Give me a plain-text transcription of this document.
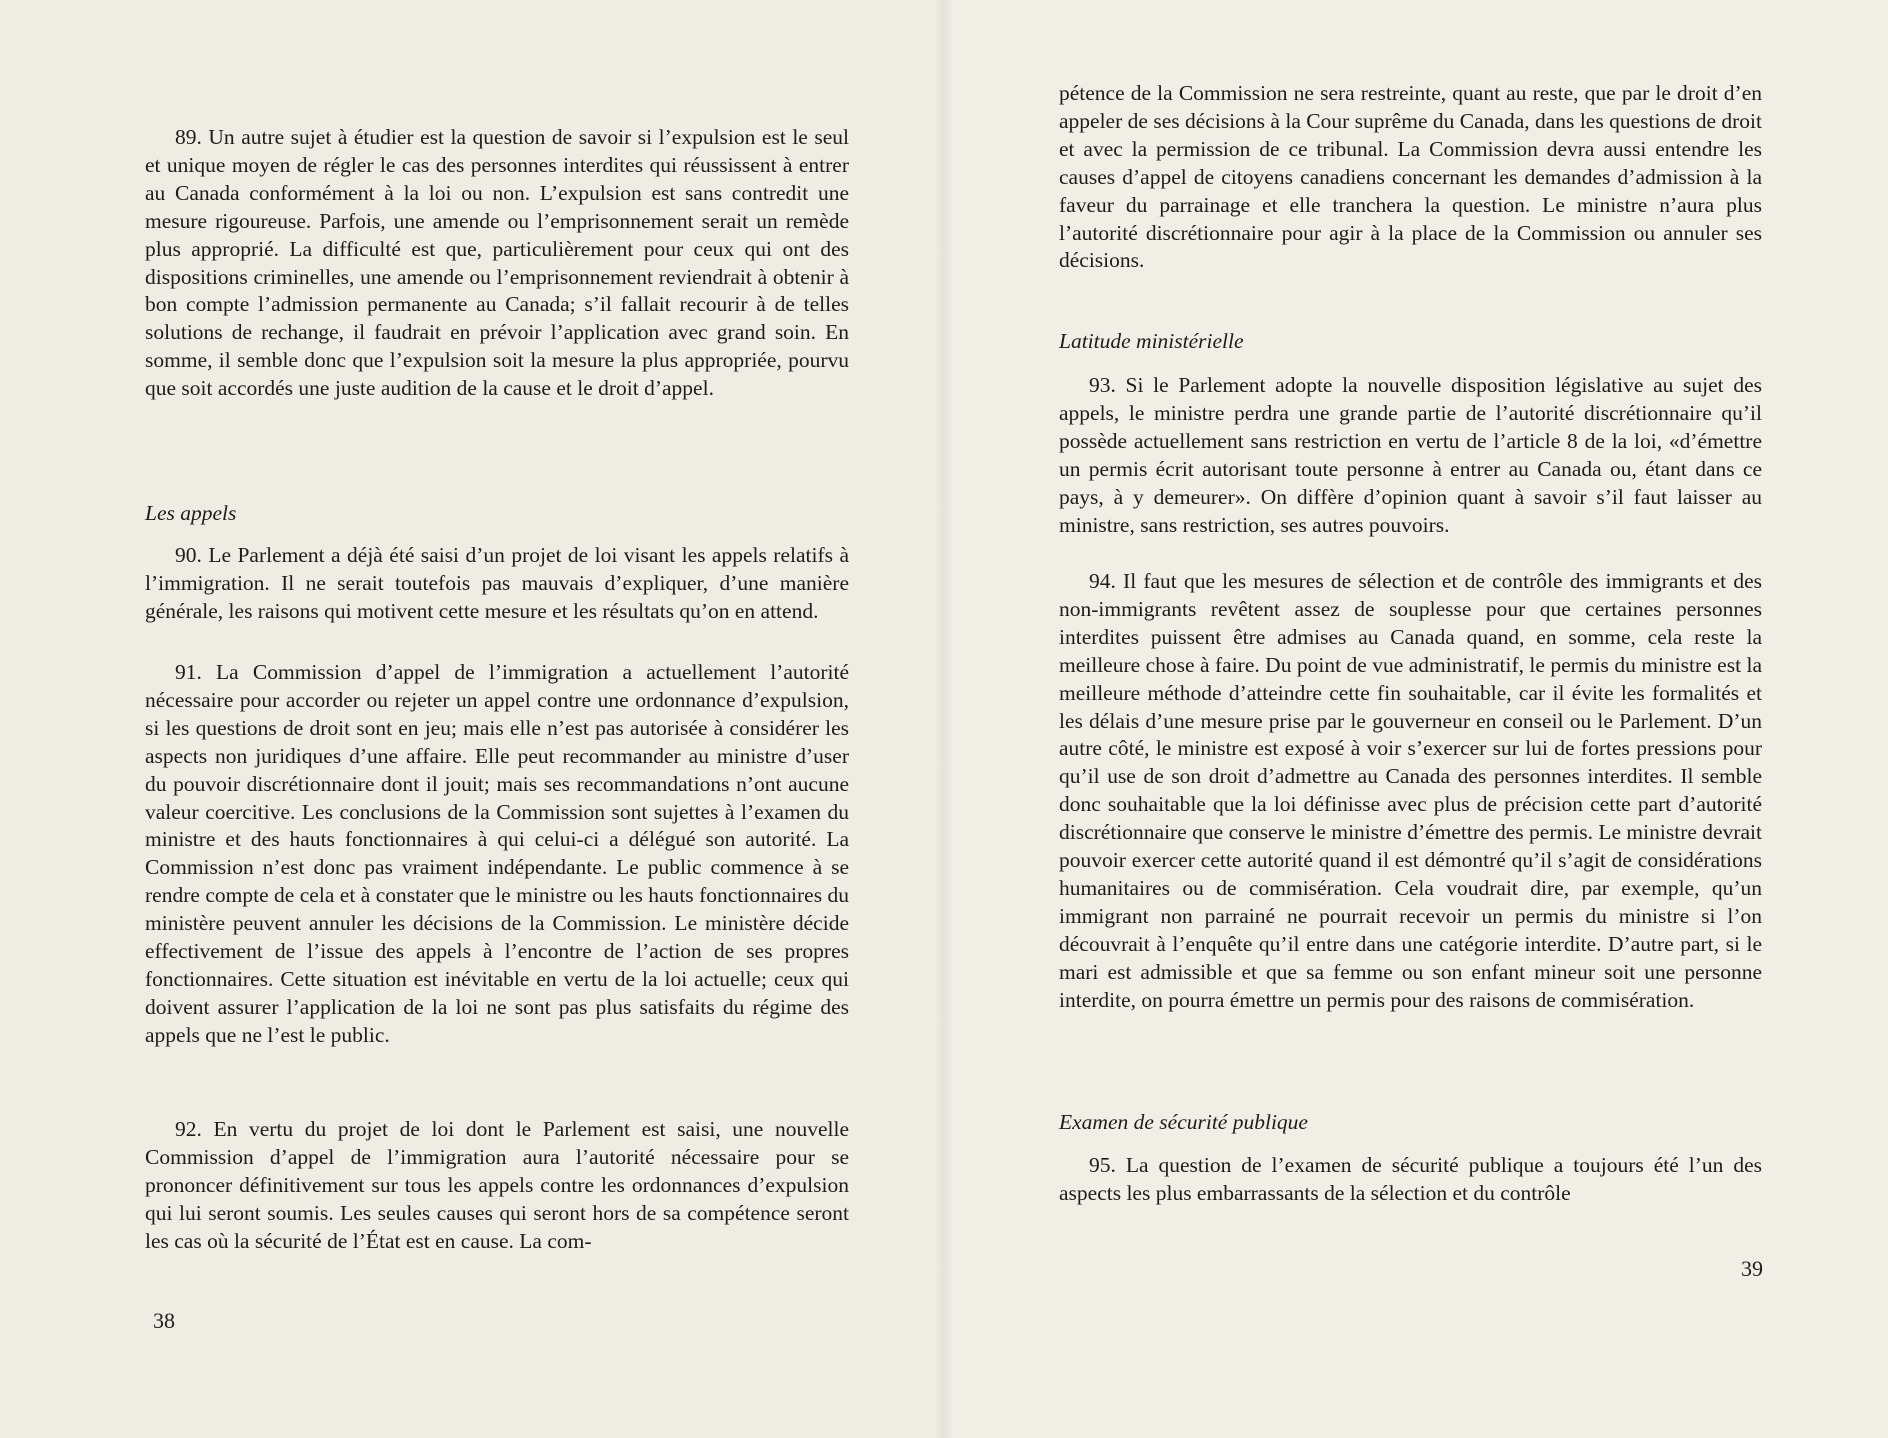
89. Un autre sujet à étudier est la question de savoir si l’expulsion est le seul et unique moyen de régler le cas des personnes interdites qui réussissent à entrer au Canada conformément à la loi ou non. L’expulsion est sans contredit une mesure rigoureuse. Parfois, une amende ou l’emprisonnement serait un remède plus approprié. La difficulté est que, particulièrement pour ceux qui ont des dispositions criminelles, une amende ou l’emprisonnement reviendrait à obtenir à bon compte l’admission permanente au Canada; s’il fallait recourir à de telles solutions de rechange, il faudrait en prévoir l’application avec grand soin. En somme, il semble donc que l’expulsion soit la mesure la plus appropriée, pourvu que soit accordés une juste audition de la cause et le droit d’appel.

Les appels

90. Le Parlement a déjà été saisi d’un projet de loi visant les appels relatifs à l’immigration. Il ne serait toutefois pas mauvais d’expliquer, d’une manière générale, les raisons qui motivent cette mesure et les résultats qu’on en attend.

91. La Commission d’appel de l’immigration a actuellement l’autorité nécessaire pour accorder ou rejeter un appel contre une ordonnance d’expulsion, si les questions de droit sont en jeu; mais elle n’est pas autorisée à considérer les aspects non juridiques d’une affaire. Elle peut recommander au ministre d’user du pouvoir discrétionnaire dont il jouit; mais ses recommandations n’ont aucune valeur coercitive. Les conclusions de la Commission sont sujettes à l’examen du ministre et des hauts fonctionnaires à qui celui-ci a délégué son autorité. La Commission n’est donc pas vraiment indépendante. Le public commence à se rendre compte de cela et à constater que le ministre ou les hauts fonctionnaires du ministère peuvent annuler les décisions de la Commission. Le ministère décide effectivement de l’issue des appels à l’encontre de l’action de ses propres fonctionnaires. Cette situation est inévitable en vertu de la loi actuelle; ceux qui doivent assurer l’application de la loi ne sont pas plus satisfaits du régime des appels que ne l’est le public.

92. En vertu du projet de loi dont le Parlement est saisi, une nouvelle Commission d’appel de l’immigration aura l’autorité nécessaire pour se prononcer définitivement sur tous les appels contre les ordonnances d’expulsion qui lui seront soumis. Les seules causes qui seront hors de sa compétence seront les cas où la sécurité de l’État est en cause. La com-

38

pétence de la Commission ne sera restreinte, quant au reste, que par le droit d’en appeler de ses décisions à la Cour suprême du Canada, dans les questions de droit et avec la permission de ce tribunal. La Commission devra aussi entendre les causes d’appel de citoyens canadiens concernant les demandes d’admission à la faveur du parrainage et elle tranchera la question. Le ministre n’aura plus l’autorité discrétionnaire pour agir à la place de la Commission ou annuler ses décisions.

Latitude ministérielle

93. Si le Parlement adopte la nouvelle disposition législative au sujet des appels, le ministre perdra une grande partie de l’autorité discrétionnaire qu’il possède actuellement sans restriction en vertu de l’article 8 de la loi, «d’émettre un permis écrit autorisant toute personne à entrer au Canada ou, étant dans ce pays, à y demeurer». On diffère d’opinion quant à savoir s’il faut laisser au ministre, sans restriction, ses autres pouvoirs.

94. Il faut que les mesures de sélection et de contrôle des immigrants et des non-immigrants revêtent assez de souplesse pour que certaines personnes interdites puissent être admises au Canada quand, en somme, cela reste la meilleure chose à faire. Du point de vue administratif, le permis du ministre est la meilleure méthode d’atteindre cette fin souhaitable, car il évite les formalités et les délais d’une mesure prise par le gouverneur en conseil ou le Parlement. D’un autre côté, le ministre est exposé à voir s’exercer sur lui de fortes pressions pour qu’il use de son droit d’admettre au Canada des personnes interdites. Il semble donc souhaitable que la loi définisse avec plus de précision cette part d’autorité discrétionnaire que conserve le ministre d’émettre des permis. Le ministre devrait pouvoir exercer cette autorité quand il est démontré qu’il s’agit de considérations humanitaires ou de commisération. Cela voudrait dire, par exemple, qu’un immigrant non parrainé ne pourrait recevoir un permis du ministre si l’on découvrait à l’enquête qu’il entre dans une catégorie interdite. D’autre part, si le mari est admissible et que sa femme ou son enfant mineur soit une personne interdite, on pourra émettre un permis pour des raisons de commisération.

Examen de sécurité publique

95. La question de l’examen de sécurité publique a toujours été l’un des aspects les plus embarrassants de la sélection et du contrôle

39
